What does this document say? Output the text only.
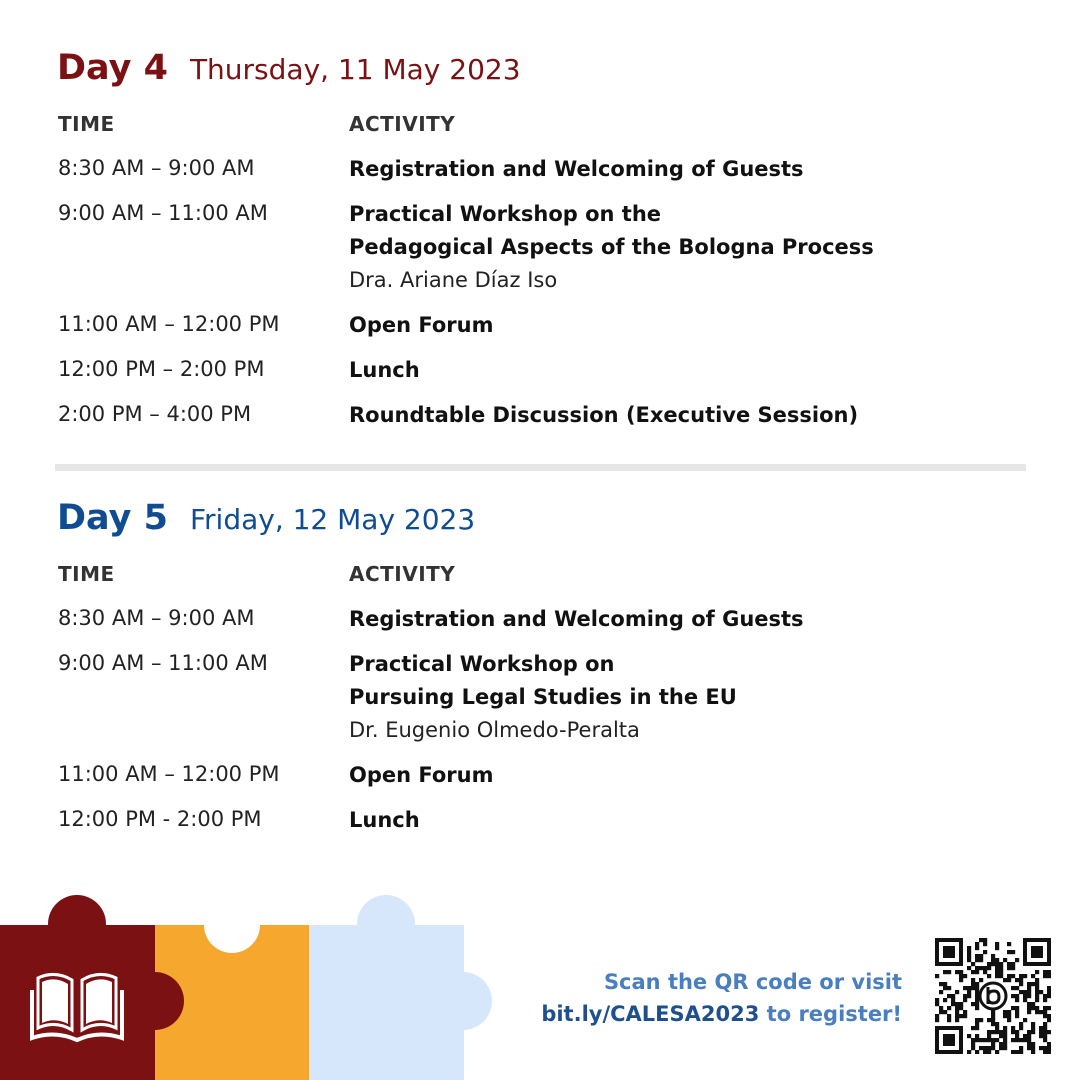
Day 4 Thursday, 11 May 2023
TIME	ACTIVITY
8:30 AM – 9:00 AM	Registration and Welcoming of Guests
9:00 AM – 11:00 AM	Practical Workshop on the
Pedagogical Aspects of the Bologna Process
Dra. Ariane Díaz Iso
11:00 AM – 12:00 PM	Open Forum
12:00 PM – 2:00 PM	Lunch
2:00 PM – 4:00 PM	Roundtable Discussion (Executive Session)
Day 5 Friday, 12 May 2023
TIME	ACTIVITY
8:30 AM – 9:00 AM	Registration and Welcoming of Guests
9:00 AM – 11:00 AM	Practical Workshop on
Pursuing Legal Studies in the EU
Dr. Eugenio Olmedo-Peralta
11:00 AM – 12:00 PM	Open Forum
12:00 PM - 2:00 PM	Lunch
Scan the QR code or visit
bit.ly/CALESA2023 to register!
